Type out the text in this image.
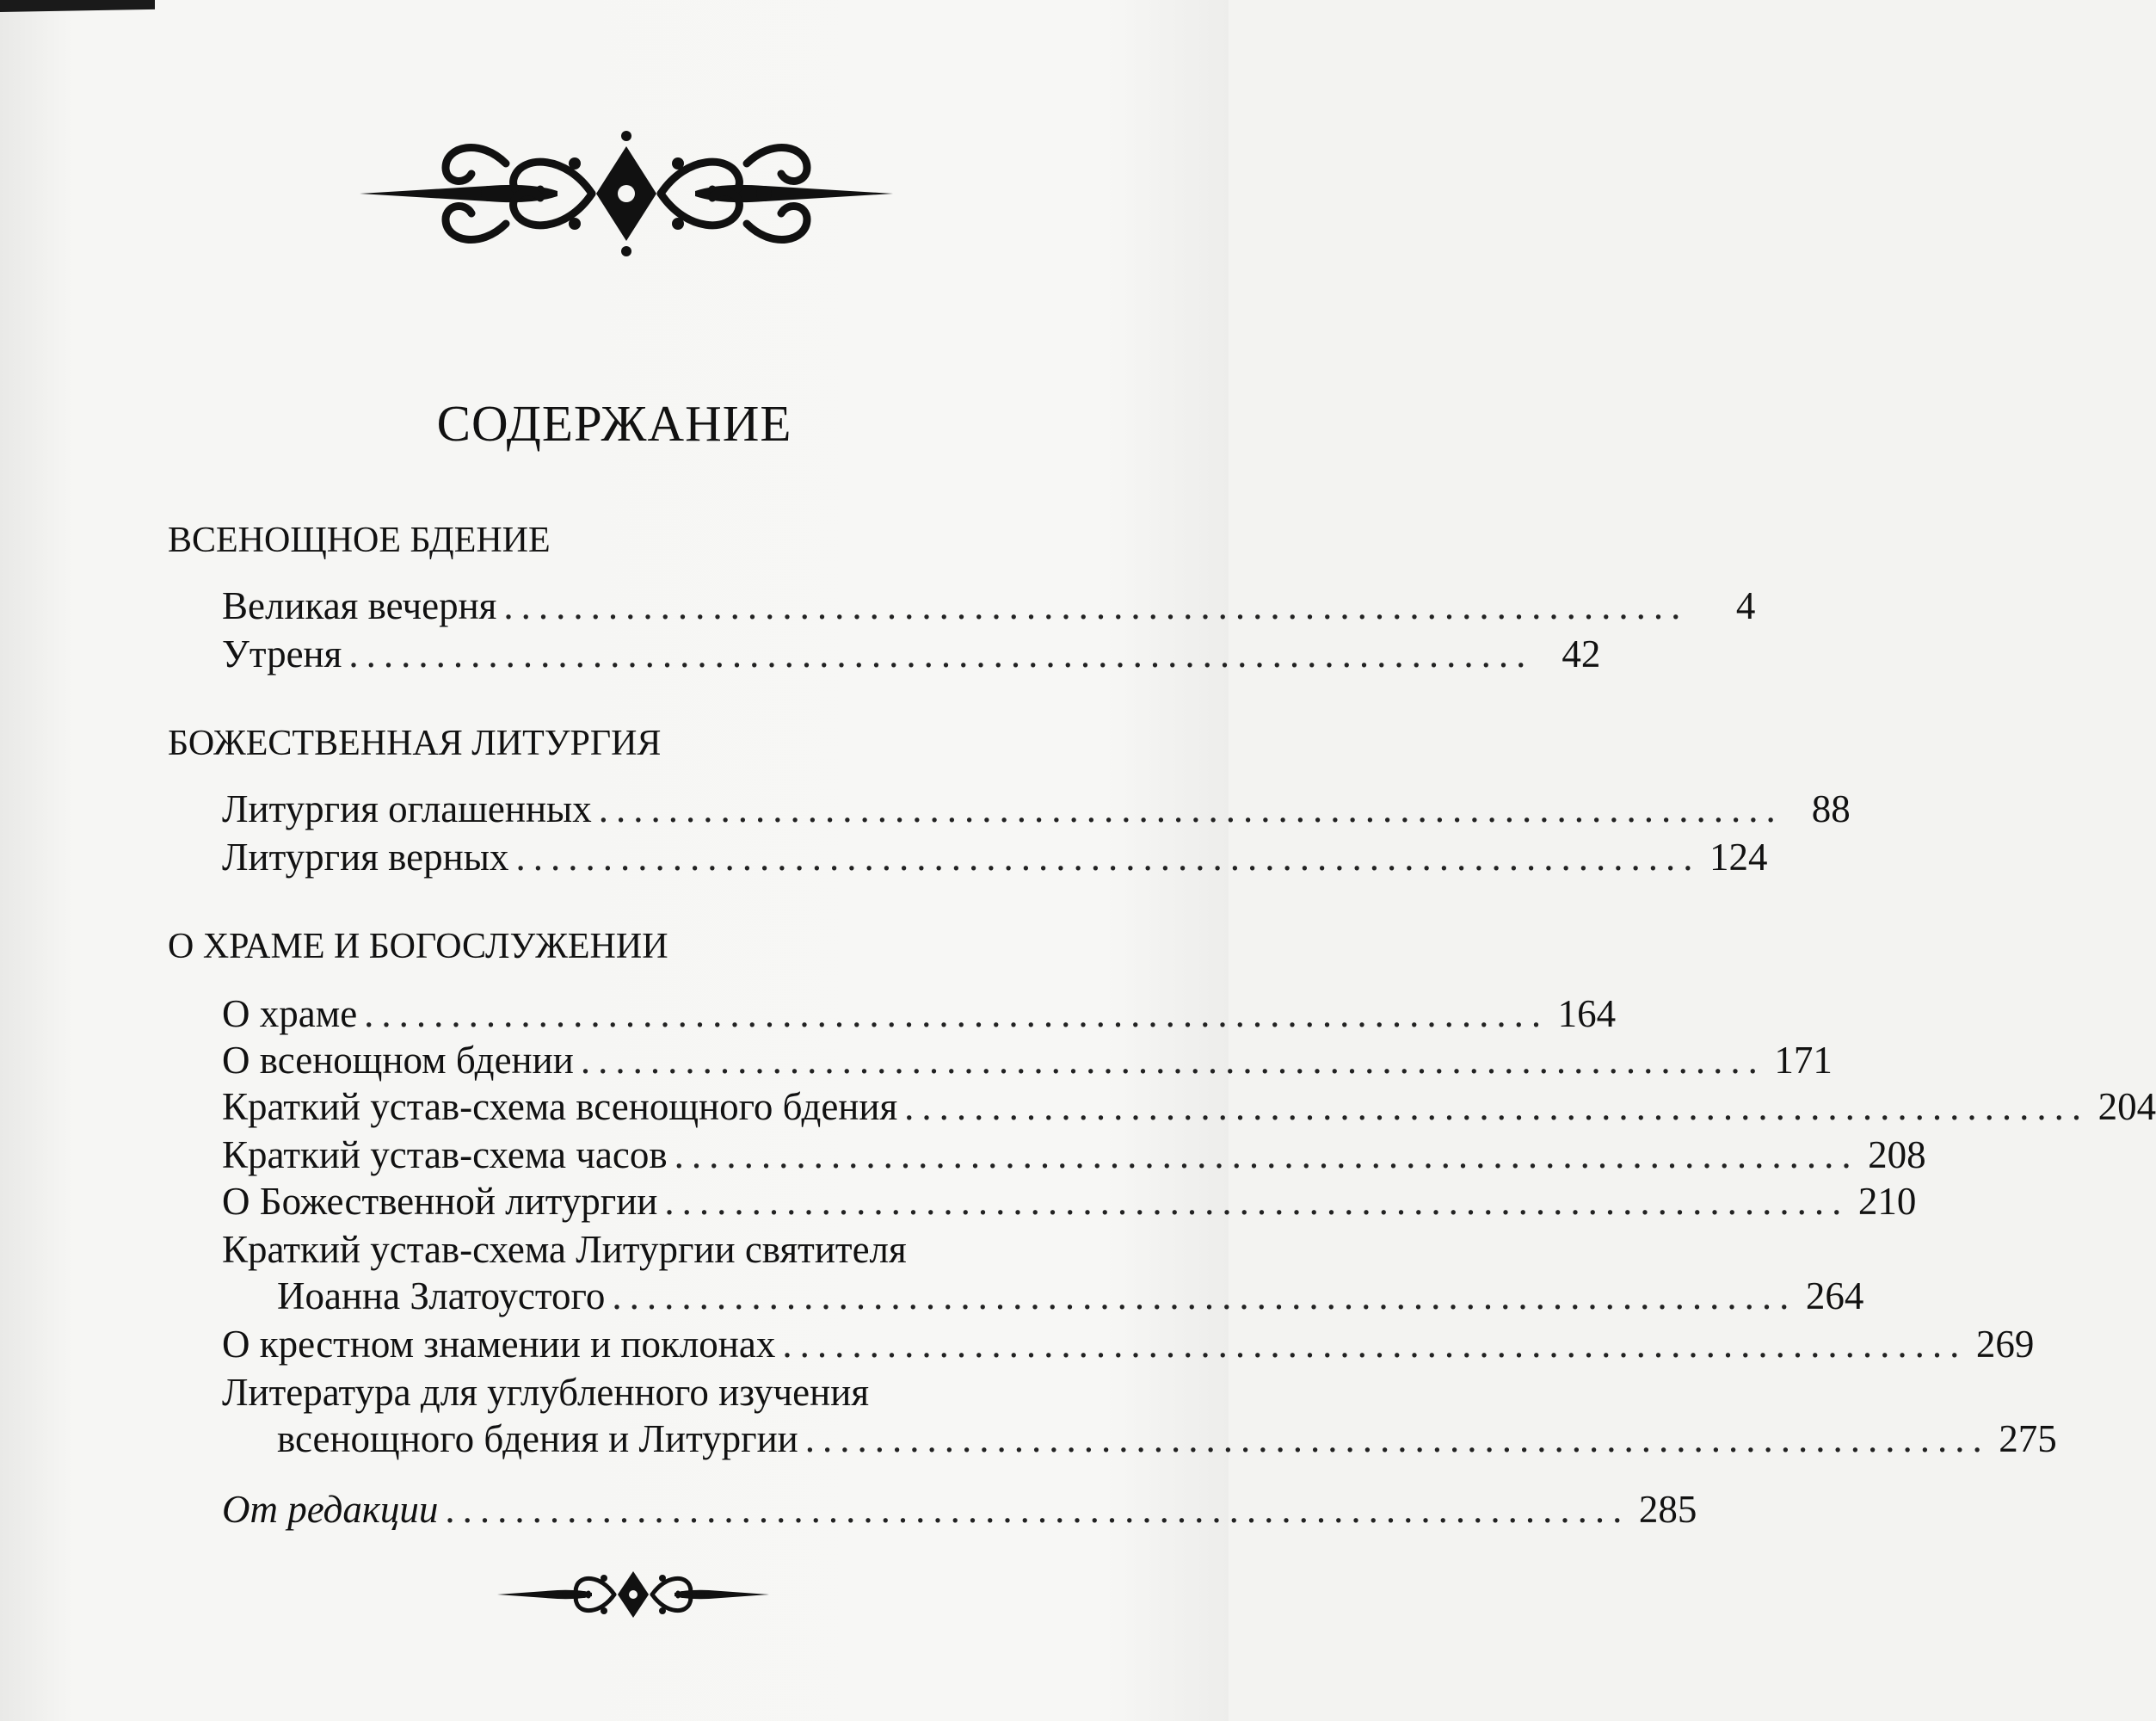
СОДЕРЖАНИЕ
ВСЕНОЩНОЕ БДЕНИЕ
Великая вечерня ....................................................................	4
Утреня .................................................................... 42
БОЖЕСТВЕННАЯ ЛИТУРГИЯ
Литургия оглашенных .................................................................... 88
Литургия верных .................................................................... 124
О ХРАМЕ И БОГОСЛУЖЕНИИ
О храме .................................................................... 164
О всенощном бдении .................................................................... 171
Краткий устав-схема всенощного бдения .................................................................... 204
Краткий устав-схема часов .................................................................... 208
О Божественной литургии .................................................................... 210
Краткий устав-схема Литургии святителя
Иоанна Златоустого .................................................................... 264
О крестном знамении и поклонах .................................................................... 269
Литература для углубленного изучения
всенощного бдения и Литургии .................................................................... 275
От редакции .................................................................... 285
